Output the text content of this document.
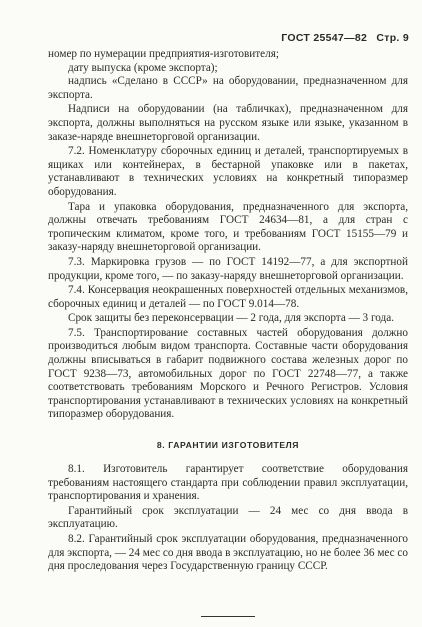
ГОСТ 25547—82 Стр. 9

номер по нумерации предприятия-изготовителя;

дату выпуска (кроме экспорта);

надпись «Сделано в СССР» на оборудовании, предназначенном для экспорта.

Надписи на оборудовании (на табличках), предназначенном для экспорта, должны выполняться на русском языке или языке, указанном в заказе-наряде внешнеторговой организации.

7.2. Номенклатуру сборочных единиц и деталей, транспортируемых в ящиках или контейнерах, в бестарной упаковке или в пакетах, устанавливают в технических условиях на конкретный типоразмер оборудования.

Тара и упаковка оборудования, предназначенного для экспорта, должны отвечать требованиям ГОСТ 24634—81, а для стран с тропическим климатом, кроме того, и требованиям ГОСТ 15155—79 и заказу-наряду внешнеторговой организации.

7.3. Маркировка грузов — по ГОСТ 14192—77, а для экспортной продукции, кроме того, — по заказу-наряду внешнеторговой организации.

7.4. Консервация неокрашенных поверхностей отдельных механизмов, сборочных единиц и деталей — по ГОСТ 9.014—78.

Срок защиты без переконсервации — 2 года, для экспорта — 3 года.

7.5. Транспортирование составных частей оборудования должно производиться любым видом транспорта. Составные части оборудования должны вписываться в габарит подвижного состава железных дорог по ГОСТ 9238—73, автомобильных дорог по ГОСТ 22748—77, а также соответствовать требованиям Морского и Речного Регистров. Условия транспортирования устанавливают в технических условиях на конкретный типоразмер оборудования.

8. ГАРАНТИИ ИЗГОТОВИТЕЛЯ

8.1. Изготовитель гарантирует соответствие оборудования требованиям настоящего стандарта при соблюдении правил эксплуатации, транспортирования и хранения.

Гарантийный срок эксплуатации — 24 мес со дня ввода в эксплуатацию.

8.2. Гарантийный срок эксплуатации оборудования, предназначенного для экспорта, — 24 мес со дня ввода в эксплуатацию, но не более 36 мес со дня проследования через Государственную границу СССР.
